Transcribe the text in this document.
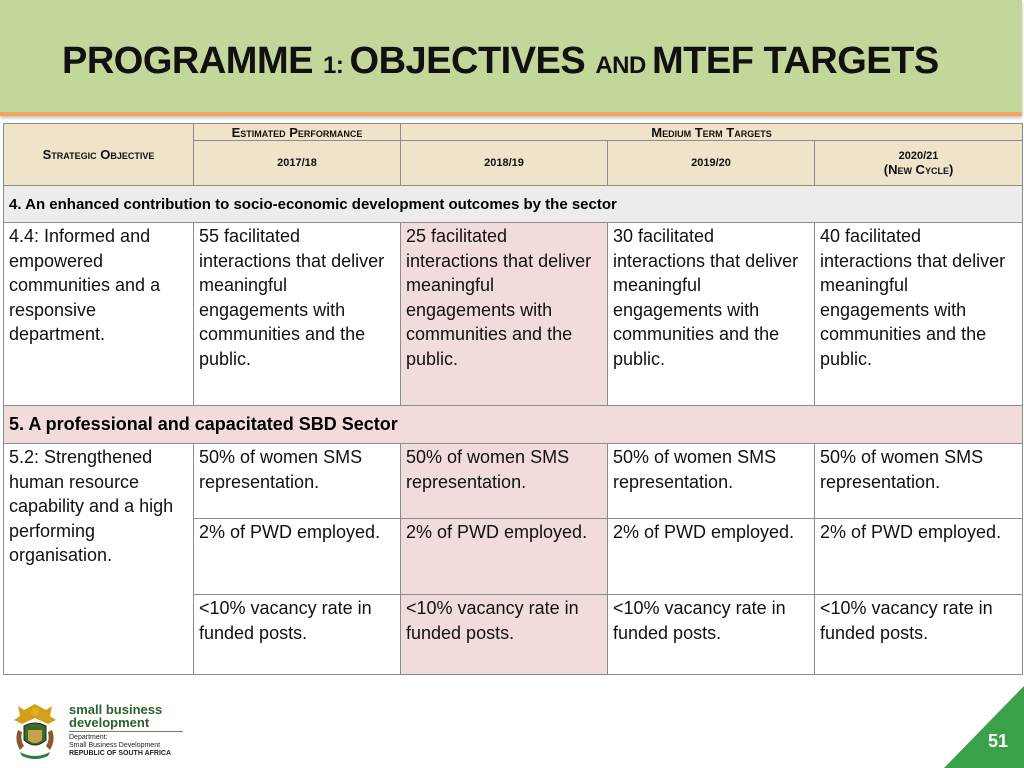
PROGRAMME 1: OBJECTIVES AND MTEF TARGETS
Strategic Objective	Estimated Performance	Medium Term Targets		
	2017/18	2018/19	2019/20	2020/21
(New Cycle)
4. An enhanced contribution to socio-economic development outcomes by the sector				
4.4: Informed and empowered communities and a responsive department.	55 facilitated interactions that deliver meaningful engagements with communities and the public.	25 facilitated interactions that deliver meaningful engagements with communities and the public.	30 facilitated interactions that deliver meaningful engagements with communities and the public.	40 facilitated interactions that deliver meaningful engagements with communities and the public.
5. A professional and capacitated SBD Sector				
5.2: Strengthened human resource capability and a high performing organisation.	50% of women SMS representation.	50% of women SMS representation.	50% of women SMS representation.	50% of women SMS representation.
	2% of PWD employed.	2% of PWD employed.	2% of PWD employed.	2% of PWD employed.
	<10% vacancy rate in funded posts.	<10% vacancy rate in funded posts.	<10% vacancy rate in funded posts.	<10% vacancy rate in funded posts.
small business
development
Department:
Small Business Development
REPUBLIC OF SOUTH AFRICA
51
